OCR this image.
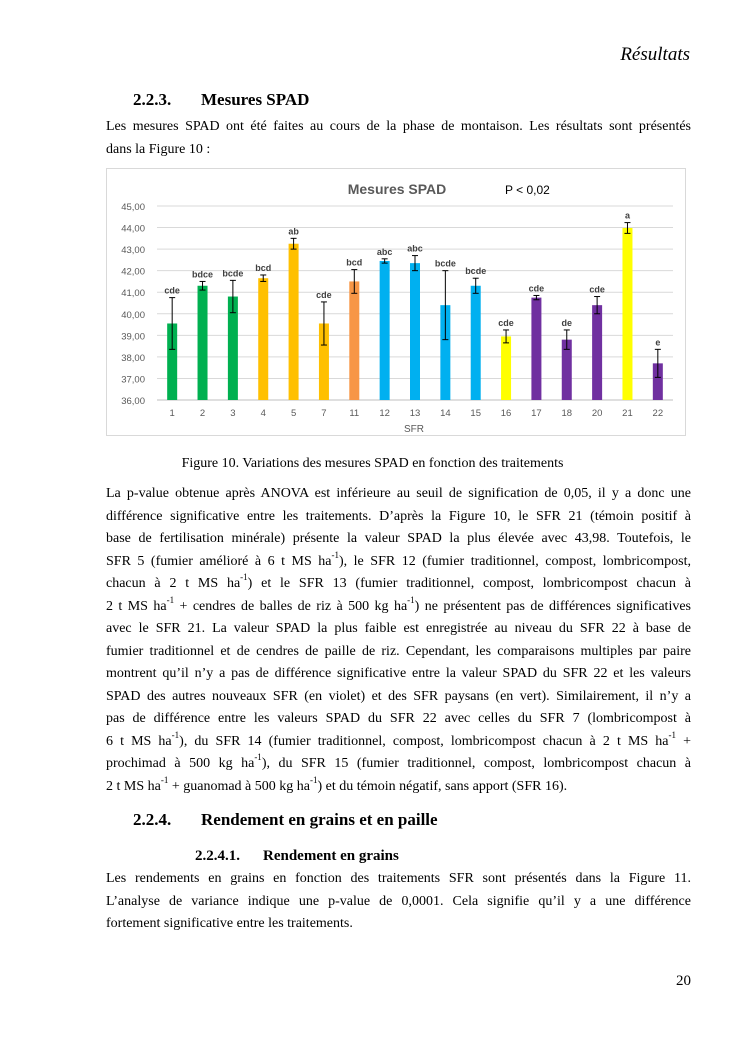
Résultats
2.2.3. Mesures SPAD
Les mesures SPAD ont été faites au cours de la phase de montaison. Les résultats sont présentés
dans la Figure 10 :
Mesures SPAD	P < 0,02
36,00
37,00
38,00
39,00
40,00
41,00
42,00
43,00
44,00
45,00
cde
bdce bcde
bcd
ab
cde
bcd
abc abc
bcde
bcde
cde
cde
de
cde
a
e
1	2	3	4	5	7 11 12 13 14 15 16 17 18 20 21 22
SFR
Figure 10. Variations des mesures SPAD en fonction des traitements
La p-value obtenue après ANOVA est inférieure au seuil de signification de 0,05, il y a donc une
différence significative entre les traitements. D’après la Figure 10, le SFR 21 (témoin positif à
base de fertilisation minérale) présente la valeur SPAD la plus élevée avec 43,98. Toutefois, le
SFR 5 (fumier amélioré à 6 t MS $ha^{-1}$), le SFR 12 (fumier traditionnel, compost, lombricompost,
chacun à 2 t MS $ha^{-1}$) et le SFR 13 (fumier traditionnel, compost, lombricompost chacun à
2 t MS $ha^{-1}$ + cendres de balles de riz à 500 kg $ha^{-1}$) ne présentent pas de différences significatives
avec le SFR 21. La valeur SPAD la plus faible est enregistrée au niveau du SFR 22 à base de
fumier traditionnel et de cendres de paille de riz. Cependant, les comparaisons multiples par paire
montrent qu’il n’y a pas de différence significative entre la valeur SPAD du SFR 22 et les valeurs
SPAD des autres nouveaux SFR (en violet) et des SFR paysans (en vert). Similairement, il n’y a
pas de différence entre les valeurs SPAD du SFR 22 avec celles du SFR 7 (lombricompost à
6 t MS $ha^{-1}$), du SFR 14 (fumier traditionnel, compost, lombricompost chacun à 2 t MS $ha^{-1}$ +
prochimad à 500 kg $ha^{-1}$), du SFR 15 (fumier traditionnel, compost, lombricompost chacun à
2 t MS $ha^{-1}$ + guanomad à 500 kg $ha^{-1}$) et du témoin négatif, sans apport (SFR 16).
2.2.4. Rendement en grains et en paille
2.2.4.1. Rendement en grains
Les rendements en grains en fonction des traitements SFR sont présentés dans la Figure 11.
L’analyse de variance indique une p-value de 0,0001. Cela signifie qu’il y a une différence
fortement significative entre les traitements.
20
